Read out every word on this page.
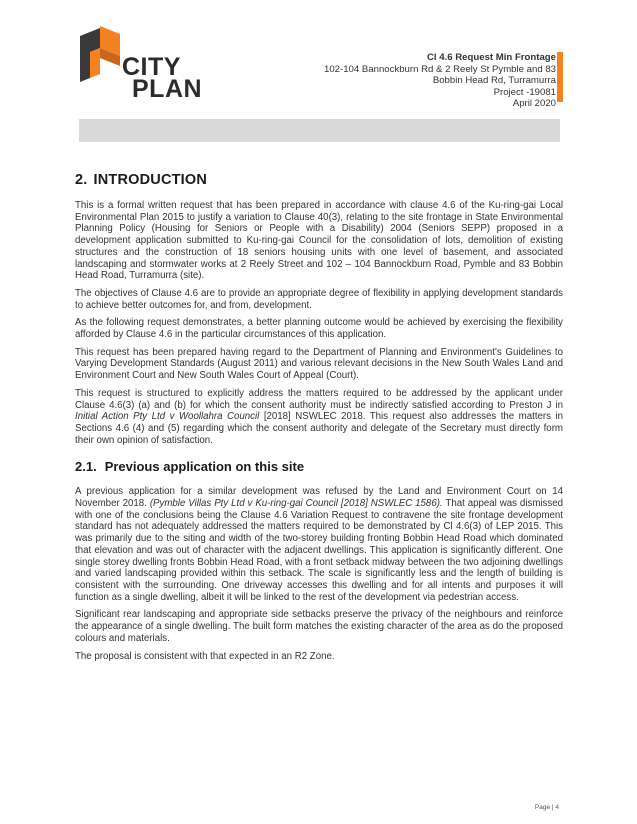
CITY
PLAN
Cl 4.6 Request Min Frontage
102-104 Bannockburn Rd & 2 Reely St Pymble and 83
Bobbin Head Rd, Turramurra
Project -19081
April 2020
2. INTRODUCTION

This is a formal written request that has been prepared in accordance with clause 4.6 of the Ku-ring-gai Local Environmental Plan 2015 to justify a variation to Clause 40(3), relating to the site frontage in State Environmental Planning Policy (Housing for Seniors or People with a Disability) 2004 (Seniors SEPP) proposed in a development application submitted to Ku-ring-gai Council for the consolidation of lots, demolition of existing structures and the construction of 18 seniors housing units with one level of basement, and associated landscaping and stormwater works at 2 Reely Street and 102 – 104 Bannockburn Road, Pymble and 83 Bobbin Head Road, Turramurra (site).

The objectives of Clause 4.6 are to provide an appropriate degree of flexibility in applying development standards to achieve better outcomes for, and from, development.

As the following request demonstrates, a better planning outcome would be achieved by exercising the flexibility afforded by Clause 4.6 in the particular circumstances of this application.

This request has been prepared having regard to the Department of Planning and Environment's Guidelines to Varying Development Standards (August 2011) and various relevant decisions in the New South Wales Land and Environment Court and New South Wales Court of Appeal (Court).

This request is structured to explicitly address the matters required to be addressed by the applicant under Clause 4.6(3) (a) and (b) for which the consent authority must be indirectly satisfied according to Preston J in Initial Action Pty Ltd v Woollahra Council [2018] NSWLEC 2018. This request also addresses the matters in Sections 4.6 (4) and (5) regarding which the consent authority and delegate of the Secretary must directly form their own opinion of satisfaction.

2.1. Previous application on this site

A previous application for a similar development was refused by the Land and Environment Court on 14 November 2018. (Pymble Villas Pty Ltd v Ku-ring-gai Council [2018] NSWLEC 1586). That appeal was dismissed with one of the conclusions being the Clause 4.6 Variation Request to contravene the site frontage development standard has not adequately addressed the matters required to be demonstrated by Cl 4.6(3) of LEP 2015. This was primarily due to the siting and width of the two-storey building fronting Bobbin Head Road which dominated that elevation and was out of character with the adjacent dwellings. This application is significantly different. One single storey dwelling fronts Bobbin Head Road, with a front setback midway between the two adjoining dwellings and varied landscaping provided within this setback. The scale is significantly less and the length of building is consistent with the surrounding. One driveway accesses this dwelling and for all intents and purposes it will function as a single dwelling, albeit it will be linked to the rest of the development via pedestrian access.

Significant rear landscaping and appropriate side setbacks preserve the privacy of the neighbours and reinforce the appearance of a single dwelling. The built form matches the existing character of the area as do the proposed colours and materials.

The proposal is consistent with that expected in an R2 Zone.

Page | 4
